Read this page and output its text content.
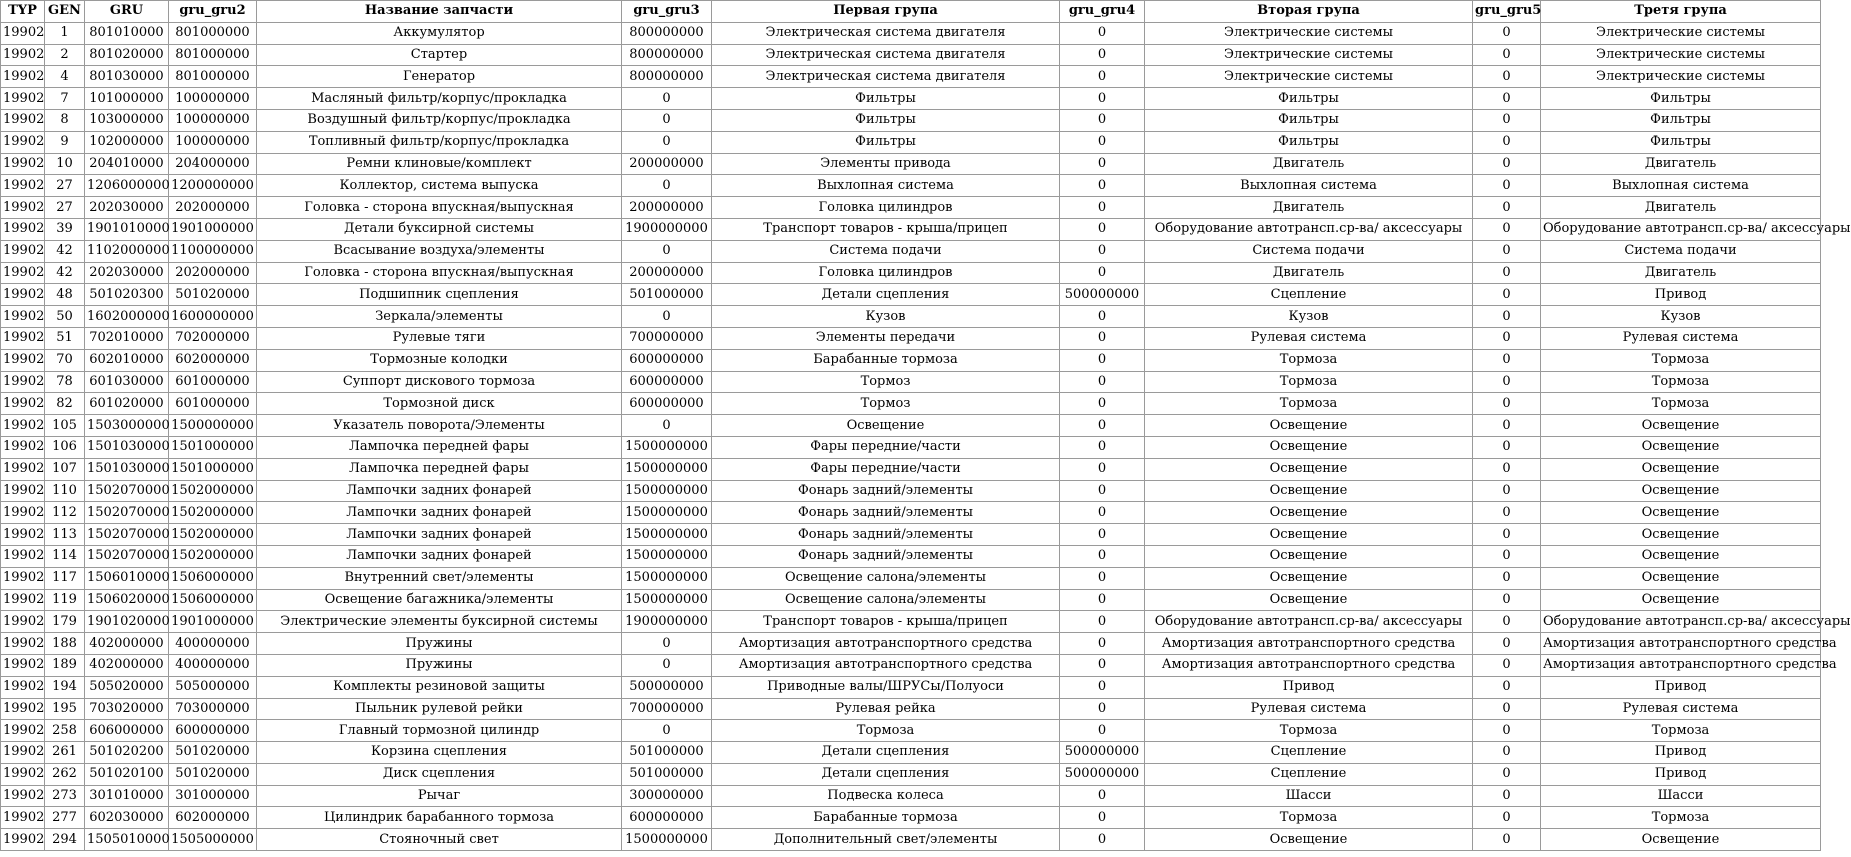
TYP	GEN	GRU	gru_gru2	Название запчасти	gru_gru3	Первая група	gru_gru4	Вторая група	gru_gru5	Третя група
19902	1	801010000	801000000	Аккумулятор	800000000	Электрическая система двигателя	0	Электрические системы	0	Электрические системы
19902	2	801020000	801000000	Стартер	800000000	Электрическая система двигателя	0	Электрические системы	0	Электрические системы
19902	4	801030000	801000000	Генератор	800000000	Электрическая система двигателя	0	Электрические системы	0	Электрические системы
19902	7	101000000	100000000	Масляный фильтр/корпус/прокладка	0	Фильтры	0	Фильтры	0	Фильтры
19902	8	103000000	100000000	Воздушный фильтр/корпус/прокладка	0	Фильтры	0	Фильтры	0	Фильтры
19902	9	102000000	100000000	Топливный фильтр/корпус/прокладка	0	Фильтры	0	Фильтры	0	Фильтры
19902	10	204010000	204000000	Ремни клиновые/комплект	200000000	Элементы привода	0	Двигатель	0	Двигатель
19902	27	1206000000	1200000000	Коллектор, система выпуска	0	Выхлопная система	0	Выхлопная система	0	Выхлопная система
19902	27	202030000	202000000	Головка - сторона впускная/выпускная	200000000	Головка цилиндров	0	Двигатель	0	Двигатель
19902	39	1901010000	1901000000	Детали буксирной системы	1900000000	Транспорт товаров - крыша/прицеп	0	Оборудование автотрансп.ср-ва/ аксессуары	0	Оборудование автотрансп.ср-ва/ аксессуары
19902	42	1102000000	1100000000	Всасывание воздуха/элементы	0	Система подачи	0	Система подачи	0	Система подачи
19902	42	202030000	202000000	Головка - сторона впускная/выпускная	200000000	Головка цилиндров	0	Двигатель	0	Двигатель
19902	48	501020300	501020000	Подшипник сцепления	501000000	Детали сцепления	500000000	Сцепление	0	Привод
19902	50	1602000000	1600000000	Зеркала/элементы	0	Кузов	0	Кузов	0	Кузов
19902	51	702010000	702000000	Рулевые тяги	700000000	Элементы передачи	0	Рулевая система	0	Рулевая система
19902	70	602010000	602000000	Тормозные колодки	600000000	Барабанные тормоза	0	Тормоза	0	Тормоза
19902	78	601030000	601000000	Суппорт дискового тормоза	600000000	Тормоз	0	Тормоза	0	Тормоза
19902	82	601020000	601000000	Тормозной диск	600000000	Тормоз	0	Тормоза	0	Тормоза
19902	105	1503000000	1500000000	Указатель поворота/Элементы	0	Освещение	0	Освещение	0	Освещение
19902	106	1501030000	1501000000	Лампочка передней фары	1500000000	Фары передние/части	0	Освещение	0	Освещение
19902	107	1501030000	1501000000	Лампочка передней фары	1500000000	Фары передние/части	0	Освещение	0	Освещение
19902	110	1502070000	1502000000	Лампочки задних фонарей	1500000000	Фонарь задний/элементы	0	Освещение	0	Освещение
19902	112	1502070000	1502000000	Лампочки задних фонарей	1500000000	Фонарь задний/элементы	0	Освещение	0	Освещение
19902	113	1502070000	1502000000	Лампочки задних фонарей	1500000000	Фонарь задний/элементы	0	Освещение	0	Освещение
19902	114	1502070000	1502000000	Лампочки задних фонарей	1500000000	Фонарь задний/элементы	0	Освещение	0	Освещение
19902	117	1506010000	1506000000	Внутренний свет/элементы	1500000000	Освещение салона/элементы	0	Освещение	0	Освещение
19902	119	1506020000	1506000000	Освещение багажника/элементы	1500000000	Освещение салона/элементы	0	Освещение	0	Освещение
19902	179	1901020000	1901000000	Электрические элементы буксирной системы	1900000000	Транспорт товаров - крыша/прицеп	0	Оборудование автотрансп.ср-ва/ аксессуары	0	Оборудование автотрансп.ср-ва/ аксессуары
19902	188	402000000	400000000	Пружины	0	Амортизация автотранспортного средства	0	Амортизация автотранспортного средства	0	Амортизация автотранспортного средства
19902	189	402000000	400000000	Пружины	0	Амортизация автотранспортного средства	0	Амортизация автотранспортного средства	0	Амортизация автотранспортного средства
19902	194	505020000	505000000	Комплекты резиновой защиты	500000000	Приводные валы/ШРУСы/Полуоси	0	Привод	0	Привод
19902	195	703020000	703000000	Пыльник рулевой рейки	700000000	Рулевая рейка	0	Рулевая система	0	Рулевая система
19902	258	606000000	600000000	Главный тормозной цилиндр	0	Тормоза	0	Тормоза	0	Тормоза
19902	261	501020200	501020000	Корзина сцепления	501000000	Детали сцепления	500000000	Сцепление	0	Привод
19902	262	501020100	501020000	Диск сцепления	501000000	Детали сцепления	500000000	Сцепление	0	Привод
19902	273	301010000	301000000	Рычаг	300000000	Подвеска колеса	0	Шасси	0	Шасси
19902	277	602030000	602000000	Цилиндрик барабанного тормоза	600000000	Барабанные тормоза	0	Тормоза	0	Тормоза
19902	294	1505010000	1505000000	Стояночный свет	1500000000	Дополнительный свет/элементы	0	Освещение	0	Освещение
